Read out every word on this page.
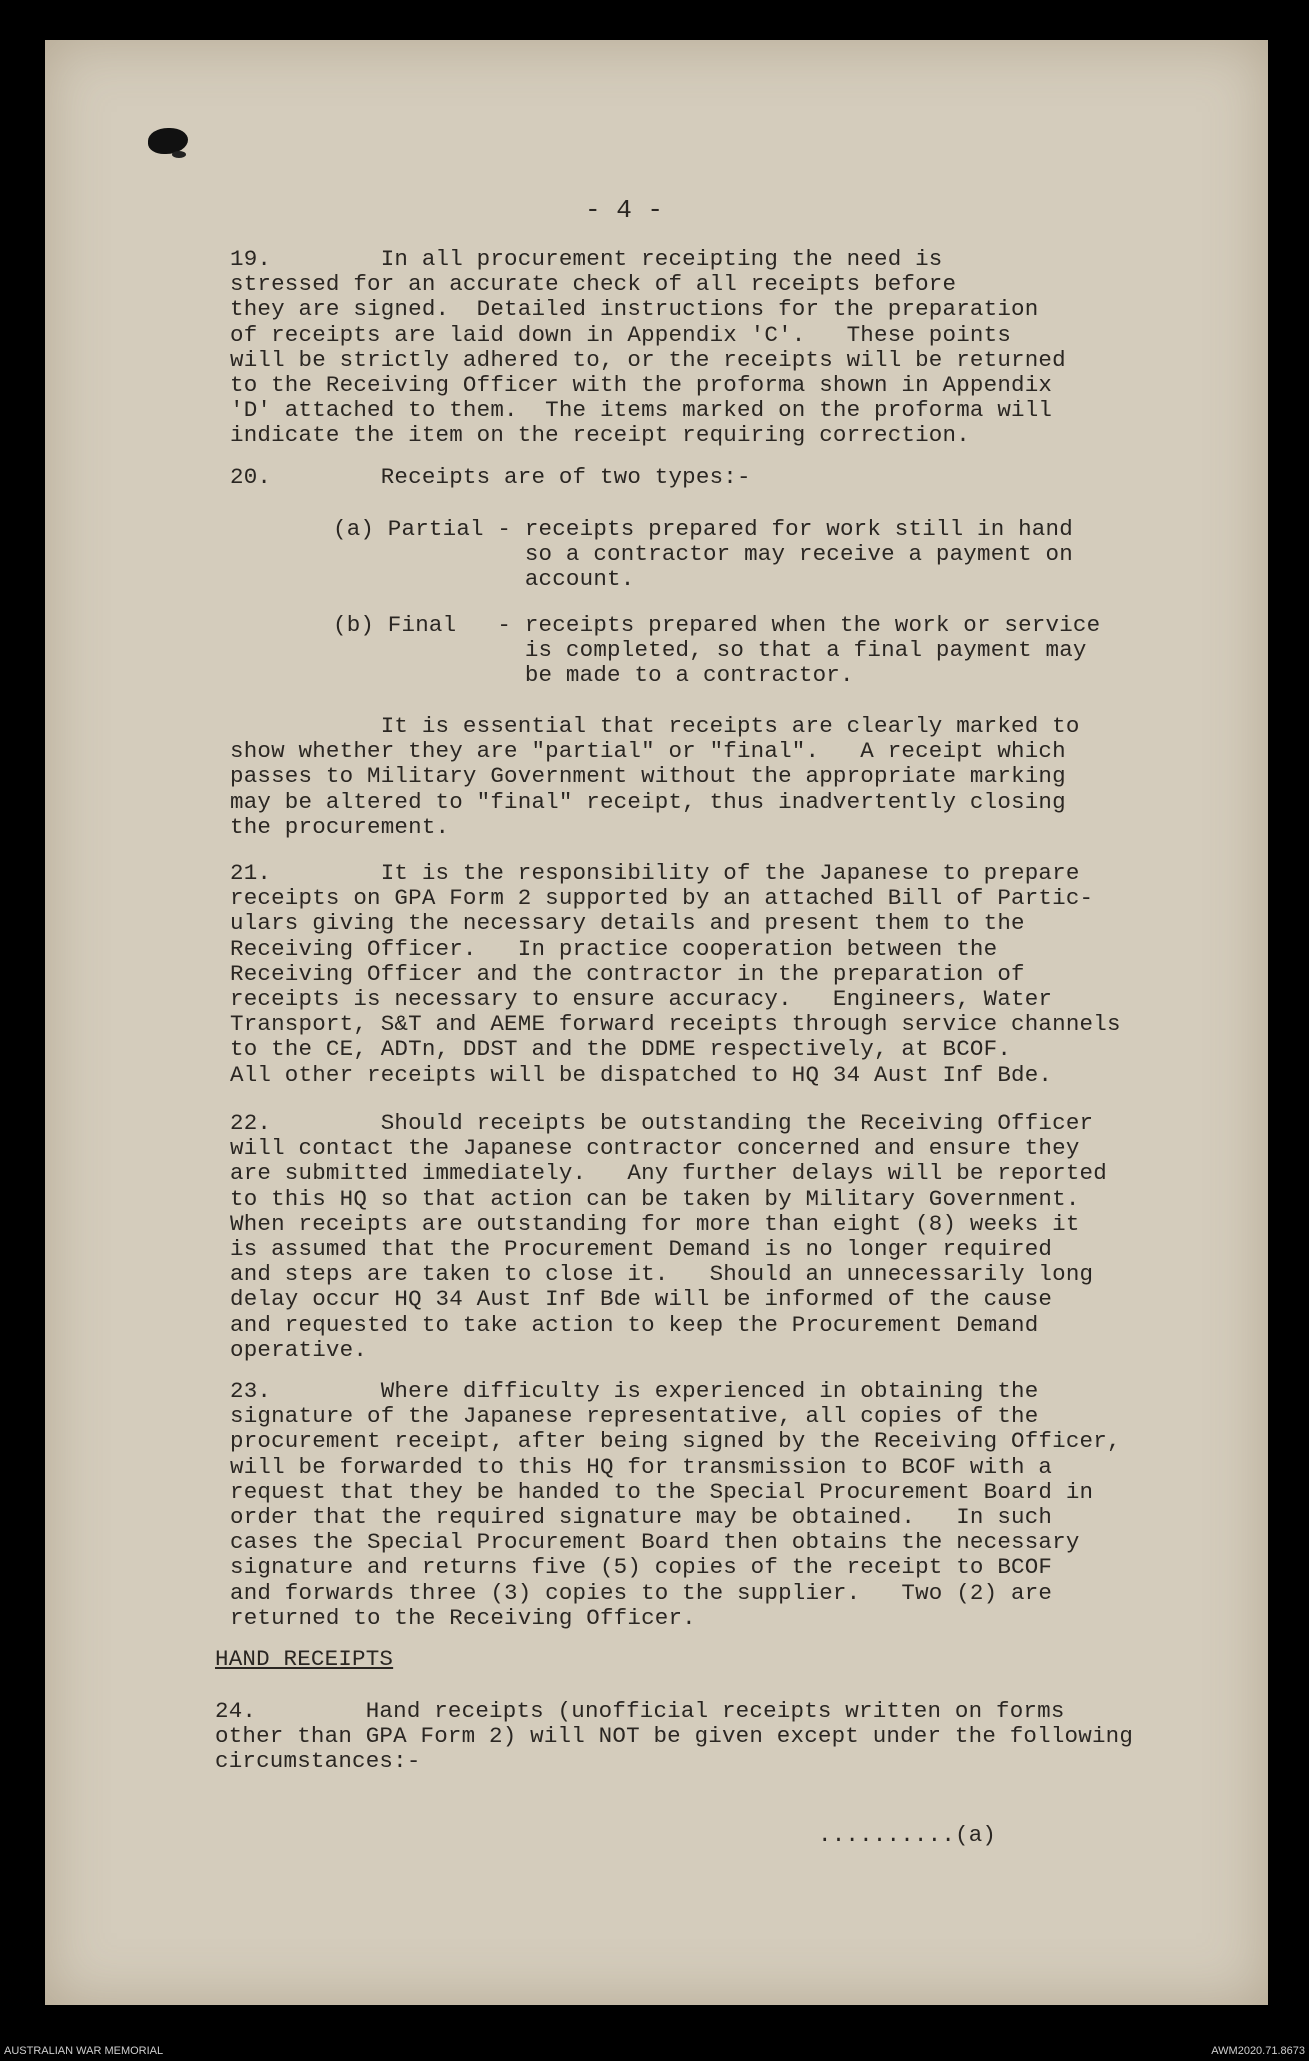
- 4 -
19.        In all procurement receipting the need is
stressed for an accurate check of all receipts before
they are signed.  Detailed instructions for the preparation
of receipts are laid down in Appendix 'C'.   These points
will be strictly adhered to, or the receipts will be returned
to the Receiving Officer with the proforma shown in Appendix
'D' attached to them.  The items marked on the proforma will
indicate the item on the receipt requiring correction.
20.        Receipts are of two types:-
(a) Partial - receipts prepared for work still in hand
so a contractor may receive a payment on
account.
(b) Final   - receipts prepared when the work or service
is completed, so that a final payment may
be made to a contractor.
It is essential that receipts are clearly marked to
show whether they are "partial" or "final".   A receipt which
passes to Military Government without the appropriate marking
may be altered to "final" receipt, thus inadvertently closing
the procurement.
21.        It is the responsibility of the Japanese to prepare
receipts on GPA Form 2 supported by an attached Bill of Partic-
ulars giving the necessary details and present them to the
Receiving Officer.   In practice cooperation between the
Receiving Officer and the contractor in the preparation of
receipts is necessary to ensure accuracy.   Engineers, Water
Transport, S&T and AEME forward receipts through service channels
to the CE, ADTn, DDST and the DDME respectively, at BCOF.
All other receipts will be dispatched to HQ 34 Aust Inf Bde.
22.        Should receipts be outstanding the Receiving Officer
will contact the Japanese contractor concerned and ensure they
are submitted immediately.   Any further delays will be reported
to this HQ so that action can be taken by Military Government.
When receipts are outstanding for more than eight (8) weeks it
is assumed that the Procurement Demand is no longer required
and steps are taken to close it.   Should an unnecessarily long
delay occur HQ 34 Aust Inf Bde will be informed of the cause
and requested to take action to keep the Procurement Demand
operative.
23.        Where difficulty is experienced in obtaining the
signature of the Japanese representative, all copies of the
procurement receipt, after being signed by the Receiving Officer,
will be forwarded to this HQ for transmission to BCOF with a
request that they be handed to the Special Procurement Board in
order that the required signature may be obtained.   In such
cases the Special Procurement Board then obtains the necessary
signature and returns five (5) copies of the receipt to BCOF
and forwards three (3) copies to the supplier.   Two (2) are
returned to the Receiving Officer.
HAND RECEIPTS
24.        Hand receipts (unofficial receipts written on forms
other than GPA Form 2) will NOT be given except under the following
circumstances:-
..........(a)
AUSTRALIAN WAR MEMORIAL	AWM2020.71.8673
